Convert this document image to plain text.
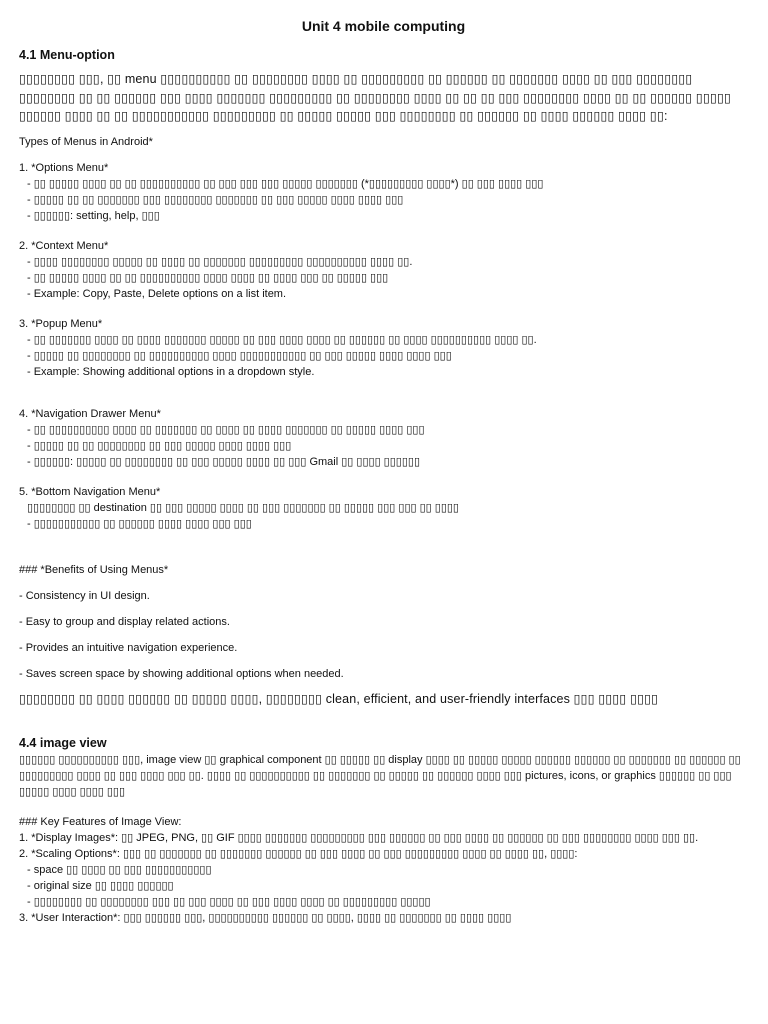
Unit 4 mobile computing

4.1 Menu-option

▯▯▯▯▯▯▯▯ ▯▯▯, ▯▯ menu ▯▯▯▯▯▯▯▯▯▯ ▯▯ ▯▯▯▯▯▯▯▯ ▯▯▯▯ ▯▯ ▯▯▯▯▯▯▯▯▯ ▯▯ ▯▯▯▯▯▯ ▯▯ ▯▯▯▯▯▯▯ ▯▯▯▯ ▯▯ ▯▯▯ ▯▯▯▯▯▯▯▯ ▯▯▯▯▯▯▯▯ ▯▯ ▯▯ ▯▯▯▯▯▯ ▯▯▯ ▯▯▯▯ ▯▯▯▯▯▯▯ ▯▯▯▯▯▯▯▯▯ ▯▯ ▯▯▯▯▯▯▯▯ ▯▯▯▯ ▯▯ ▯▯ ▯▯ ▯▯▯ ▯▯▯▯▯▯▯▯ ▯▯▯▯ ▯▯ ▯▯ ▯▯▯▯▯▯ ▯▯▯▯▯ ▯▯▯▯▯▯ ▯▯▯▯ ▯▯ ▯▯ ▯▯▯▯▯▯▯▯▯▯▯ ▯▯▯▯▯▯▯▯▯ ▯▯ ▯▯▯▯▯ ▯▯▯▯▯ ▯▯▯ ▯▯▯▯▯▯▯▯ ▯▯ ▯▯▯▯▯▯ ▯▯ ▯▯▯▯ ▯▯▯▯▯▯ ▯▯▯▯ ▯▯:

Types of Menus in Android*

1. *Options Menu*

- ▯▯ ▯▯▯▯▯ ▯▯▯▯ ▯▯ ▯▯ ▯▯▯▯▯▯▯▯▯▯ ▯▯ ▯▯▯ ▯▯▯ ▯▯▯ ▯▯▯▯▯ ▯▯▯▯▯▯▯ (*▯▯▯▯▯▯▯▯▯ ▯▯▯▯*) ▯▯ ▯▯▯ ▯▯▯▯ ▯▯▯

- ▯▯▯▯▯ ▯▯ ▯▯ ▯▯▯▯▯▯▯ ▯▯▯ ▯▯▯▯▯▯▯▯ ▯▯▯▯▯▯▯ ▯▯ ▯▯▯ ▯▯▯▯▯ ▯▯▯▯ ▯▯▯▯ ▯▯▯

- ▯▯▯▯▯▯: setting, help, ▯▯▯

2. *Context Menu*

- ▯▯▯▯ ▯▯▯▯▯▯▯▯ ▯▯▯▯▯ ▯▯ ▯▯▯▯ ▯▯ ▯▯▯▯▯▯▯ ▯▯▯▯▯▯▯▯▯ ▯▯▯▯▯▯▯▯▯▯ ▯▯▯▯ ▯▯.

- ▯▯ ▯▯▯▯▯ ▯▯▯▯ ▯▯ ▯▯ ▯▯▯▯▯▯▯▯▯▯ ▯▯▯▯ ▯▯▯▯ ▯▯ ▯▯▯▯ ▯▯▯ ▯▯ ▯▯▯▯▯ ▯▯▯

- Example: Copy, Paste, Delete options on a list item.

3. *Popup Menu*

- ▯▯ ▯▯▯▯▯▯▯ ▯▯▯▯ ▯▯ ▯▯▯▯ ▯▯▯▯▯▯▯ ▯▯▯▯▯ ▯▯ ▯▯▯ ▯▯▯▯ ▯▯▯▯ ▯▯ ▯▯▯▯▯▯ ▯▯ ▯▯▯▯ ▯▯▯▯▯▯▯▯▯▯ ▯▯▯▯ ▯▯.

- ▯▯▯▯▯ ▯▯ ▯▯▯▯▯▯▯▯ ▯▯ ▯▯▯▯▯▯▯▯▯▯ ▯▯▯▯ ▯▯▯▯▯▯▯▯▯▯▯ ▯▯ ▯▯▯ ▯▯▯▯▯ ▯▯▯▯ ▯▯▯▯ ▯▯▯

- Example: Showing additional options in a dropdown style.

4. *Navigation Drawer Menu*

- ▯▯ ▯▯▯▯▯▯▯▯▯▯ ▯▯▯▯ ▯▯ ▯▯▯▯▯▯▯ ▯▯ ▯▯▯▯ ▯▯ ▯▯▯▯ ▯▯▯▯▯▯▯ ▯▯ ▯▯▯▯▯ ▯▯▯▯ ▯▯▯

- ▯▯▯▯▯ ▯▯ ▯▯ ▯▯▯▯▯▯▯▯ ▯▯ ▯▯▯ ▯▯▯▯▯ ▯▯▯▯ ▯▯▯▯ ▯▯▯

- ▯▯▯▯▯▯: ▯▯▯▯▯ ▯▯ ▯▯▯▯▯▯▯▯ ▯▯ ▯▯▯ ▯▯▯▯▯ ▯▯▯▯ ▯▯ ▯▯▯ Gmail ▯▯ ▯▯▯▯ ▯▯▯▯▯▯

5. *Bottom Navigation Menu*

▯▯▯▯▯▯▯▯ ▯▯ destination ▯▯ ▯▯▯ ▯▯▯▯▯ ▯▯▯▯ ▯▯ ▯▯▯ ▯▯▯▯▯▯▯ ▯▯ ▯▯▯▯▯ ▯▯▯ ▯▯▯ ▯▯ ▯▯▯▯

- ▯▯▯▯▯▯▯▯▯▯▯ ▯▯ ▯▯▯▯▯▯ ▯▯▯▯ ▯▯▯▯ ▯▯▯ ▯▯▯

### *Benefits of Using Menus*

- Consistency in UI design.

- Easy to group and display related actions.

- Provides an intuitive navigation experience.

- Saves screen space by showing additional options when needed.

▯▯▯▯▯▯▯▯ ▯▯ ▯▯▯▯ ▯▯▯▯▯▯ ▯▯ ▯▯▯▯▯ ▯▯▯▯, ▯▯▯▯▯▯▯▯ clean, efficient, and user-friendly interfaces ▯▯▯ ▯▯▯▯ ▯▯▯▯

4.4 image view

▯▯▯▯▯▯ ▯▯▯▯▯▯▯▯▯▯ ▯▯▯, image view ▯▯ graphical component ▯▯ ▯▯▯▯▯ ▯▯ display ▯▯▯▯ ▯▯ ▯▯▯▯▯ ▯▯▯▯▯ ▯▯▯▯▯▯ ▯▯▯▯▯▯ ▯▯ ▯▯▯▯▯▯▯ ▯▯ ▯▯▯▯▯▯ ▯▯ ▯▯▯▯▯▯▯▯▯ ▯▯▯▯ ▯▯ ▯▯▯ ▯▯▯▯ ▯▯▯ ▯▯. ▯▯▯▯ ▯▯ ▯▯▯▯▯▯▯▯▯▯ ▯▯ ▯▯▯▯▯▯▯ ▯▯ ▯▯▯▯▯ ▯▯ ▯▯▯▯▯▯ ▯▯▯▯ ▯▯▯ pictures, icons, or graphics ▯▯▯▯▯▯ ▯▯ ▯▯▯ ▯▯▯▯▯ ▯▯▯▯ ▯▯▯▯ ▯▯▯

### Key Features of Image View:

1. *Display Images*: ▯▯ JPEG, PNG, ▯▯ GIF ▯▯▯▯ ▯▯▯▯▯▯▯ ▯▯▯▯▯▯▯▯▯ ▯▯▯ ▯▯▯▯▯▯ ▯▯ ▯▯▯ ▯▯▯▯ ▯▯ ▯▯▯▯▯▯ ▯▯ ▯▯▯ ▯▯▯▯▯▯▯▯ ▯▯▯▯ ▯▯▯ ▯▯.

2. *Scaling Options*: ▯▯▯ ▯▯ ▯▯▯▯▯▯▯ ▯▯ ▯▯▯▯▯▯▯ ▯▯▯▯▯▯ ▯▯ ▯▯▯ ▯▯▯▯ ▯▯ ▯▯▯ ▯▯▯▯▯▯▯▯▯ ▯▯▯▯ ▯▯ ▯▯▯▯ ▯▯, ▯▯▯▯:

- space ▯▯ ▯▯▯▯ ▯▯ ▯▯▯ ▯▯▯▯▯▯▯▯▯▯▯

- original size ▯▯ ▯▯▯▯ ▯▯▯▯▯▯

- ▯▯▯▯▯▯▯▯ ▯▯ ▯▯▯▯▯▯▯▯ ▯▯▯ ▯▯ ▯▯▯ ▯▯▯▯ ▯▯ ▯▯▯ ▯▯▯▯ ▯▯▯▯ ▯▯ ▯▯▯▯▯▯▯▯▯ ▯▯▯▯▯

3. *User Interaction*: ▯▯▯ ▯▯▯▯▯▯ ▯▯▯, ▯▯▯▯▯▯▯▯▯▯ ▯▯▯▯▯▯ ▯▯ ▯▯▯▯, ▯▯▯▯ ▯▯ ▯▯▯▯▯▯▯ ▯▯ ▯▯▯▯ ▯▯▯▯
